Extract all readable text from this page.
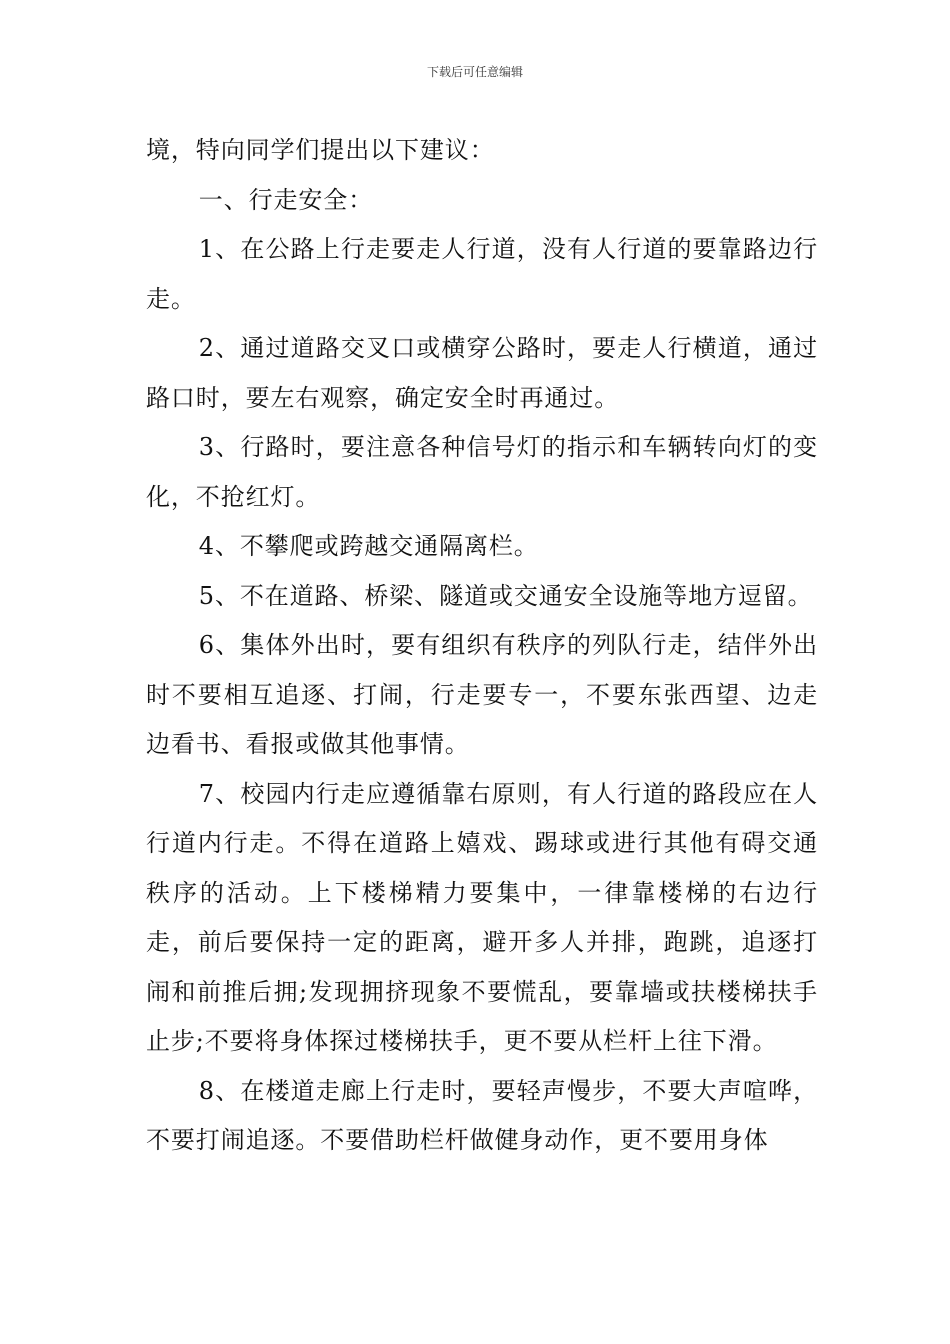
下载后可任意编辑

境，特向同学们提出以下建议：

一、行走安全：

1、在公路上行走要走人行道，没有人行道的要靠路边行走。

2、通过道路交叉口或横穿公路时，要走人行横道，通过路口时，要左右观察，确定安全时再通过。

3、行路时，要注意各种信号灯的指示和车辆转向灯的变化，不抢红灯。

4、不攀爬或跨越交通隔离栏。

5、不在道路、桥梁、隧道或交通安全设施等地方逗留。

6、集体外出时，要有组织有秩序的列队行走，结伴外出时不要相互追逐、打闹，行走要专一，不要东张西望、边走边看书、看报或做其他事情。

7、校园内行走应遵循靠右原则，有人行道的路段应在人行道内行走。不得在道路上嬉戏、踢球或进行其他有碍交通秩序的活动。上下楼梯精力要集中，一律靠楼梯的右边行走，前后要保持一定的距离，避开多人并排，跑跳，追逐打闹和前推后拥;发现拥挤现象不要慌乱，要靠墙或扶楼梯扶手止步;不要将身体探过楼梯扶手，更不要从栏杆上往下滑。

8、在楼道走廊上行走时，要轻声慢步，不要大声喧哗，不要打闹追逐。不要借助栏杆做健身动作，更不要用身体
